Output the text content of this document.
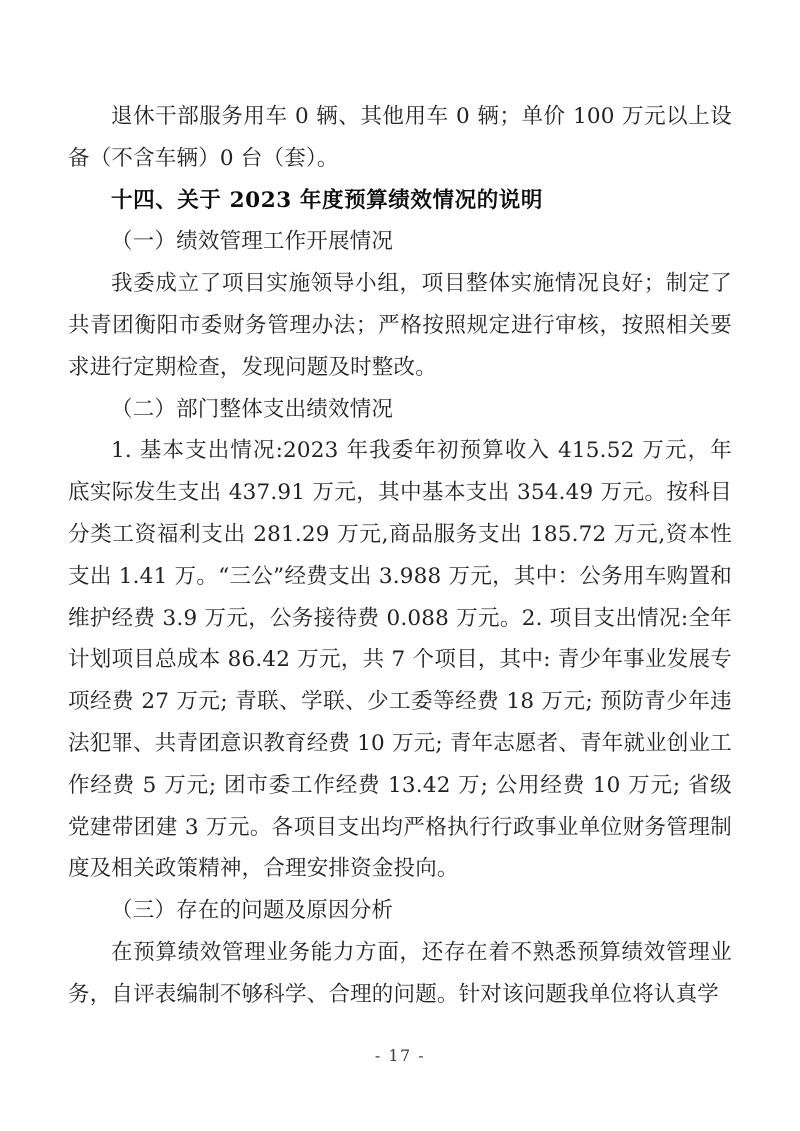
退休干部服务用车 0 辆、其他用车 0 辆；单价 100 万元以上设备（不含车辆）0 台（套）。

十四、关于 2023 年度预算绩效情况的说明

（一）绩效管理工作开展情况

我委成立了项目实施领导小组，项目整体实施情况良好；制定了共青团衡阳市委财务管理办法；严格按照规定进行审核，按照相关要求进行定期检查，发现问题及时整改。

（二）部门整体支出绩效情况

1. 基本支出情况:2023 年我委年初预算收入 415.52 万元，年底实际发生支出 437.91 万元，其中基本支出 354.49 万元。按科目分类工资福利支出 281.29 万元,商品服务支出 185.72 万元,资本性支出 1.41 万。“三公”经费支出 3.988 万元，其中：公务用车购置和维护经费 3.9 万元，公务接待费 0.088 万元。2. 项目支出情况:全年计划项目总成本 86.42 万元，共 7 个项目，其中: 青少年事业发展专项经费 27 万元; 青联、学联、少工委等经费 18 万元; 预防青少年违法犯罪、共青团意识教育经费 10 万元; 青年志愿者、青年就业创业工作经费 5 万元; 团市委工作经费 13.42 万; 公用经费 10 万元; 省级党建带团建 3 万元。各项目支出均严格执行行政事业单位财务管理制度及相关政策精神，合理安排资金投向。

（三）存在的问题及原因分析

在预算绩效管理业务能力方面，还存在着不熟悉预算绩效管理业务，自评表编制不够科学、合理的问题。针对该问题我单位将认真学

- 17 -
